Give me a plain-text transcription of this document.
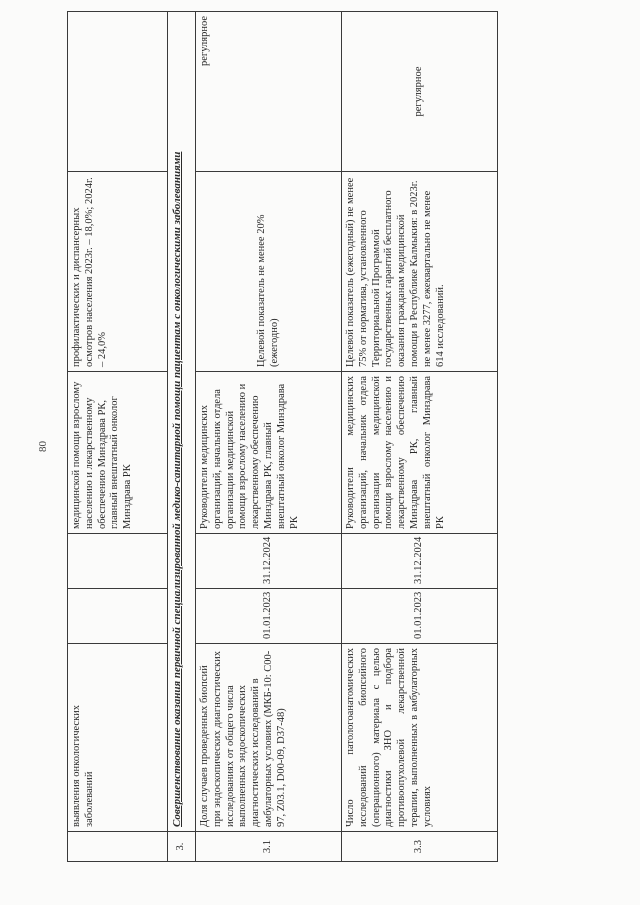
80
	выявления онкологических заболеваний			медицинской помощи взрослому населению и лекарственному обеспечению Минздрава РК, главный внештатный онколог Минздрава РК	профилактических и диспансерных осмотров населения 2023г. – 18,0%; 2024г. – 24,0%	
3.	Совершенствование оказания первичной специализированной медико-санитарной помощи пациентам с онкологическими заболеваниями					
3.1	Доля случаев проведенных биопсий при эндоскопических диагностических исследованиях от общего числа выполненных эндоскопических диагностических исследований в амбулаторных условиях (МКБ-10: С00-97, Z03.1, D00-09, D37-48)	01.01.2023	31.12.2024	Руководители медицинских организаций, начальник отдела организации медицинской помощи взрослому населению и лекарственному обеспечению Минздрава РК, главный внештатный онколог Минздрава РК	Целевой показатель не менее 20% (ежегодно)	регулярное
3.3	Число патологоанатомических исследований биопсийного (операционного) материала с целью диагностики ЗНО и подбора противоопухолевой лекарственной терапии, выполненных в амбулаторных условиях	01.01.2023	31.12.2024	Руководители медицинских организаций, начальник отдела организации медицинской помощи взрослому населению и лекарственному обеспечению Минздрава РК, главный внештатный онколог Минздрава РК	Целевой показатель (ежегодный) не менее 75% от норматива, установленного Территориальной Программой государственных гарантий бесплатного оказания гражданам медицинской помощи в Республике Калмыкия: в 2023г. не менее 3277, ежеквартально не менее 614 исследований.	регулярное
